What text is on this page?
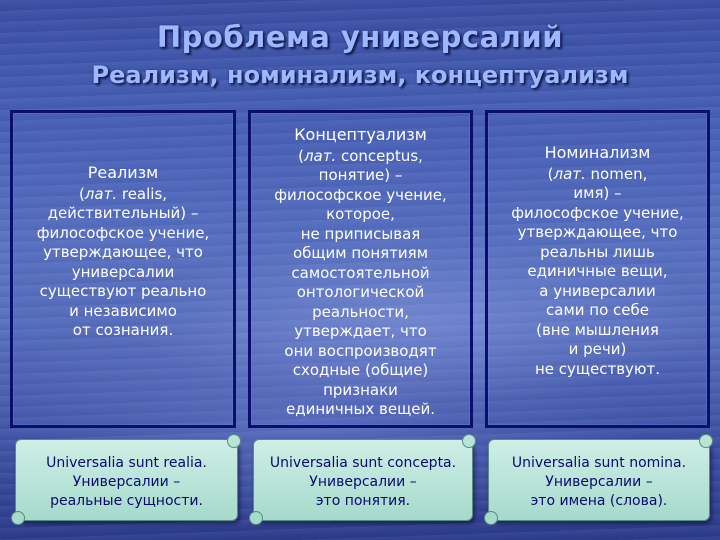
Проблема универсалий
Реализм, номинализм, концептуализм
Реализм
(лат. realis,
действительный) –
философское учение,
утверждающее, что
универсалии
существуют реально
и независимо
от сознания.
Концептуализм
(лат. conceptus,
понятие) –
философское учение,
которое,
не приписывая
общим понятиям
самостоятельной
онтологической
реальности,
утверждает, что
они воспроизводят
сходные (общие)
признаки
единичных вещей.
Номинализм
(лат. nomen,
имя) –
философское учение,
утверждающее, что
реальны лишь
единичные вещи,
а универсалии
сами по себе
(вне мышления
и речи)
не существуют.
Universalia sunt realia.
Универсалии –
реальные сущности.
Universalia sunt concepta.
Универсалии –
это понятия.
Universalia sunt nomina.
Универсалии –
это имена (слова).
